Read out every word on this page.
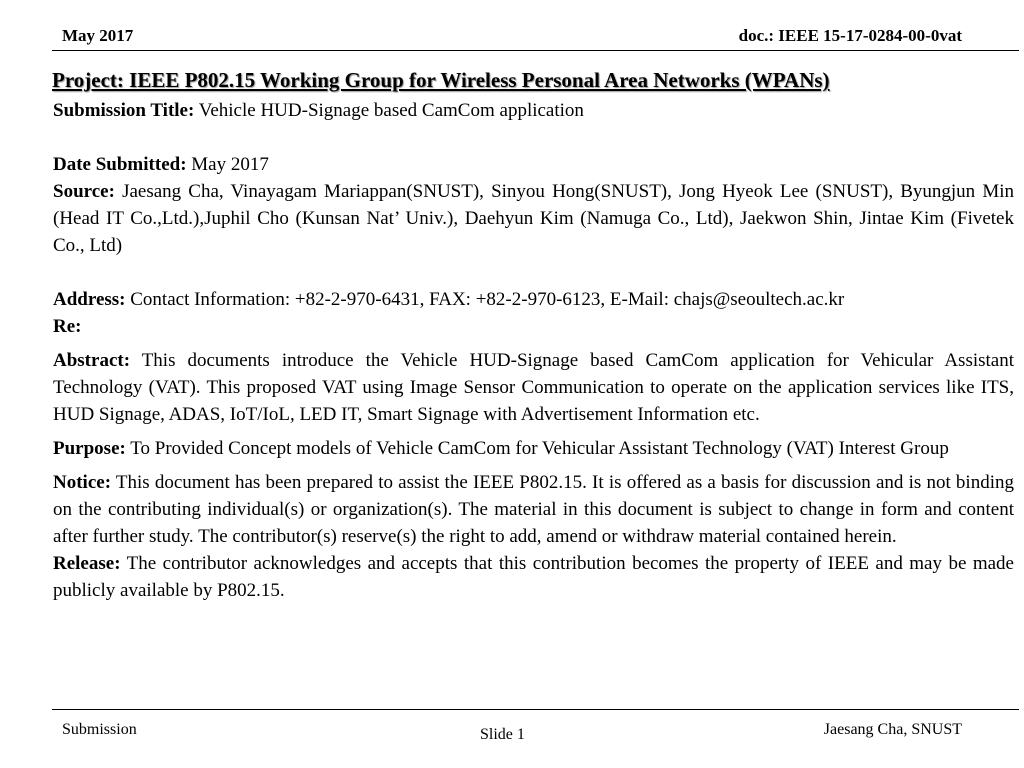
May 2017	doc.: IEEE 15-17-0284-00-0vat
Project: IEEE P802.15 Working Group for Wireless Personal Area Networks (WPANs)

Submission Title: Vehicle HUD-Signage based CamCom application

Date Submitted: May 2017

Source: Jaesang Cha, Vinayagam Mariappan(SNUST), Sinyou Hong(SNUST), Jong Hyeok Lee (SNUST), Byungjun Min (Head IT Co.,Ltd.),Juphil Cho (Kunsan Nat’ Univ.), Daehyun Kim (Namuga Co., Ltd), Jaekwon Shin, Jintae Kim (Fivetek Co., Ltd)

Address: Contact Information: +82-2-970-6431, FAX: +82-2-970-6123, E-Mail: chajs@seoultech.ac.kr

Re:

Abstract: This documents introduce the Vehicle HUD-Signage based CamCom application for Vehicular Assistant Technology (VAT). This proposed VAT using Image Sensor Communication to operate on the application services like ITS, HUD Signage, ADAS, IoT/IoL, LED IT, Smart Signage with Advertisement Information etc.

Purpose: To Provided Concept models of Vehicle CamCom for Vehicular Assistant Technology (VAT) Interest Group

Notice: This document has been prepared to assist the IEEE P802.15. It is offered as a basis for discussion and is not binding on the contributing individual(s) or organization(s). The material in this document is subject to change in form and content after further study. The contributor(s) reserve(s) the right to add, amend or withdraw material contained herein.

Release: The contributor acknowledges and accepts that this contribution becomes the property of IEEE and may be made publicly available by P802.15.

Submission	Slide 1	Jaesang Cha, SNUST
